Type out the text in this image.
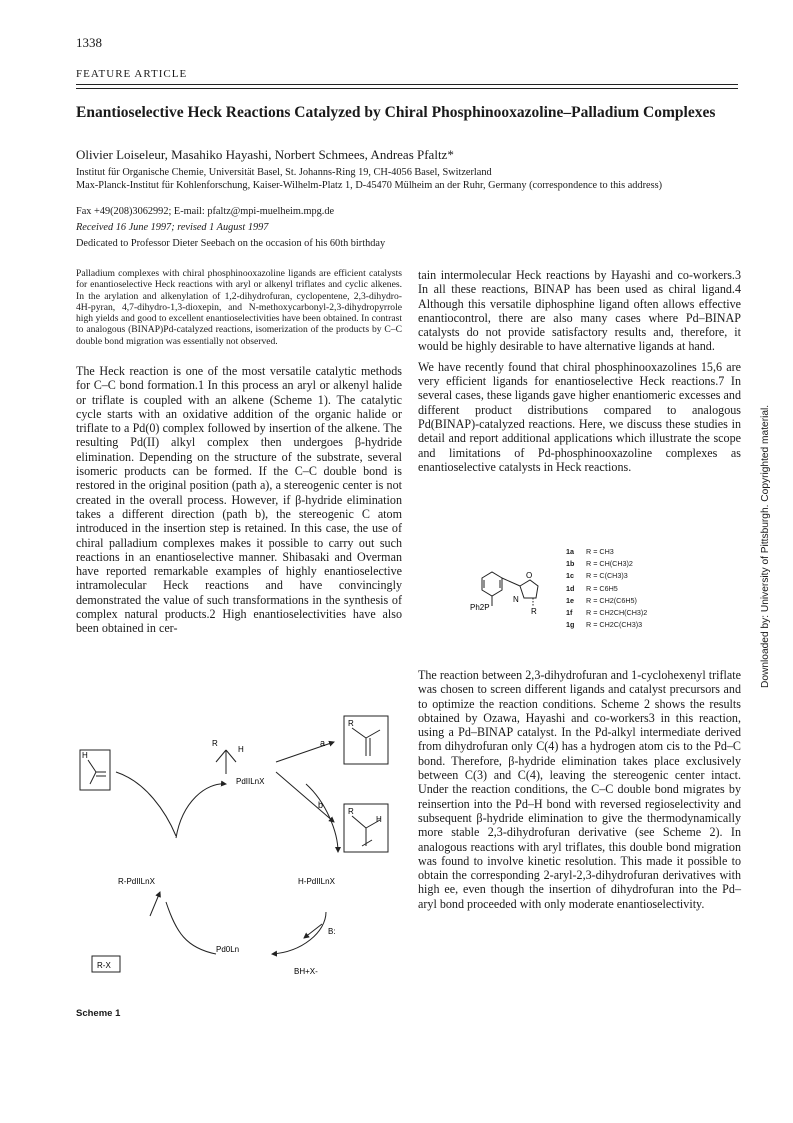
1338
FEATURE ARTICLE
Enantioselective Heck Reactions Catalyzed by Chiral Phosphinooxazoline–Palladium Complexes
Olivier Loiseleur, Masahiko Hayashi, Norbert Schmees, Andreas Pfaltz*
Institut für Organische Chemie, Universität Basel, St. Johanns-Ring 19, CH-4056 Basel, Switzerland
Max-Planck-Institut für Kohlenforschung, Kaiser-Wilhelm-Platz 1, D-45470 Mülheim an der Ruhr, Germany (correspondence to this address)
Fax +49(208)3062992; E-mail: pfaltz@mpi-muelheim.mpg.de
Received 16 June 1997; revised 1 August 1997
Dedicated to Professor Dieter Seebach on the occasion of his 60th birthday
Palladium complexes with chiral phosphinooxazoline ligands are efficient catalysts for enantioselective Heck reactions with aryl or alkenyl triflates and cyclic alkenes. In the arylation and alkenylation of 1,2-dihydrofuran, cyclopentene, 2,3-dihydro-4H-pyran, 4,7-dihydro-1,3-dioxepin, and N-methoxycarbonyl-2,3-dihydropyrrole high yields and good to excellent enantioselectivities have been obtained. In contrast to analogous (BINAP)Pd-catalyzed reactions, isomerization of the products by C–C double bond migration was essentially not observed.

The Heck reaction is one of the most versatile catalytic methods for C–C bond formation.1 In this process an aryl or alkenyl halide or triflate is coupled with an alkene (Scheme 1). The catalytic cycle starts with an oxidative addition of the organic halide or triflate to a Pd(0) complex followed by insertion of the alkene. The resulting Pd(II) alkyl complex then undergoes β-hydride elimination. Depending on the structure of the substrate, several isomeric products can be formed. If the C–C double bond is restored in the original position (path a), a stereogenic center is not created in the overall process. However, if β-hydride elimination takes a different direction (path b), the stereogenic C atom introduced in the insertion step is retained. In this case, the use of chiral palladium complexes makes it possible to carry out such reactions in an enantioselective manner. Shibasaki and Overman have reported remarkable examples of highly enantioselective intramolecular Heck reactions and have convincingly demonstrated the value of such transformations in the synthesis of complex natural products.2 High enantioselectivities have also been obtained in cer-

tain intermolecular Heck reactions by Hayashi and co-workers.3 In all these reactions, BINAP has been used as chiral ligand.4 Although this versatile diphosphine ligand often allows effective enantiocontrol, there are also many cases where Pd–BINAP catalysts do not provide satisfactory results and, therefore, it would be highly desirable to have alternative ligands at hand.

We have recently found that chiral phosphinooxazolines 15,6 are very efficient ligands for enantioselective Heck reactions.7 In several cases, these ligands gave higher enantiomeric excesses and different product distributions compared to analogous Pd(BINAP)-catalyzed reactions. Here, we discuss these studies in detail and report additional applications which illustrate the scope and limitations of Pd-phosphinooxazoline complexes as enantioselective catalysts in Heck reactions.

O
N
Ph2P	R
1a R = CH3
1b R = CH(CH3)2
1c R = C(CH3)3
1d R = C6H5
1e R = CH2(C6H5)
1f R = CH2CH(CH3)2
1g R = CH2C(CH3)3

The reaction between 2,3-dihydrofuran and 1-cyclohexenyl triflate was chosen to screen different ligands and catalyst precursors and to optimize the reaction conditions. Scheme 2 shows the results obtained by Ozawa, Hayashi and co-workers3 in this reaction, using a Pd–BINAP catalyst. In the Pd-alkyl intermediate derived from dihydrofuran only C(4) has a hydrogen atom cis to the Pd–C bond. Therefore, β-hydride elimination takes place exclusively between C(3) and C(4), leaving the stereogenic center intact. Under the reaction conditions, the C–C double bond migrates by reinsertion into the Pd–H bond with reversed regioselectivity and subsequent β-hydride elimination to give the thermodynamically more stable 2,3-dihydrofuran derivative (see Scheme 2). In analogous reactions with aryl triflates, this double bond migration was found to involve kinetic resolution. This made it possible to obtain the corresponding 2-aryl-2,3-dihydrofuran derivatives with high ee, even though the insertion of dihydrofuran into the Pd–aryl bond proceeded with only moderate enantioselectivity.

R
H
R
R
H
H
PdIILnX
a
b
R-PdIILnX	H-PdIILnX
Pd0Ln
B:
BH+X-
R-X
Scheme 1
Downloaded by: University of Pittsburgh. Copyrighted material.
